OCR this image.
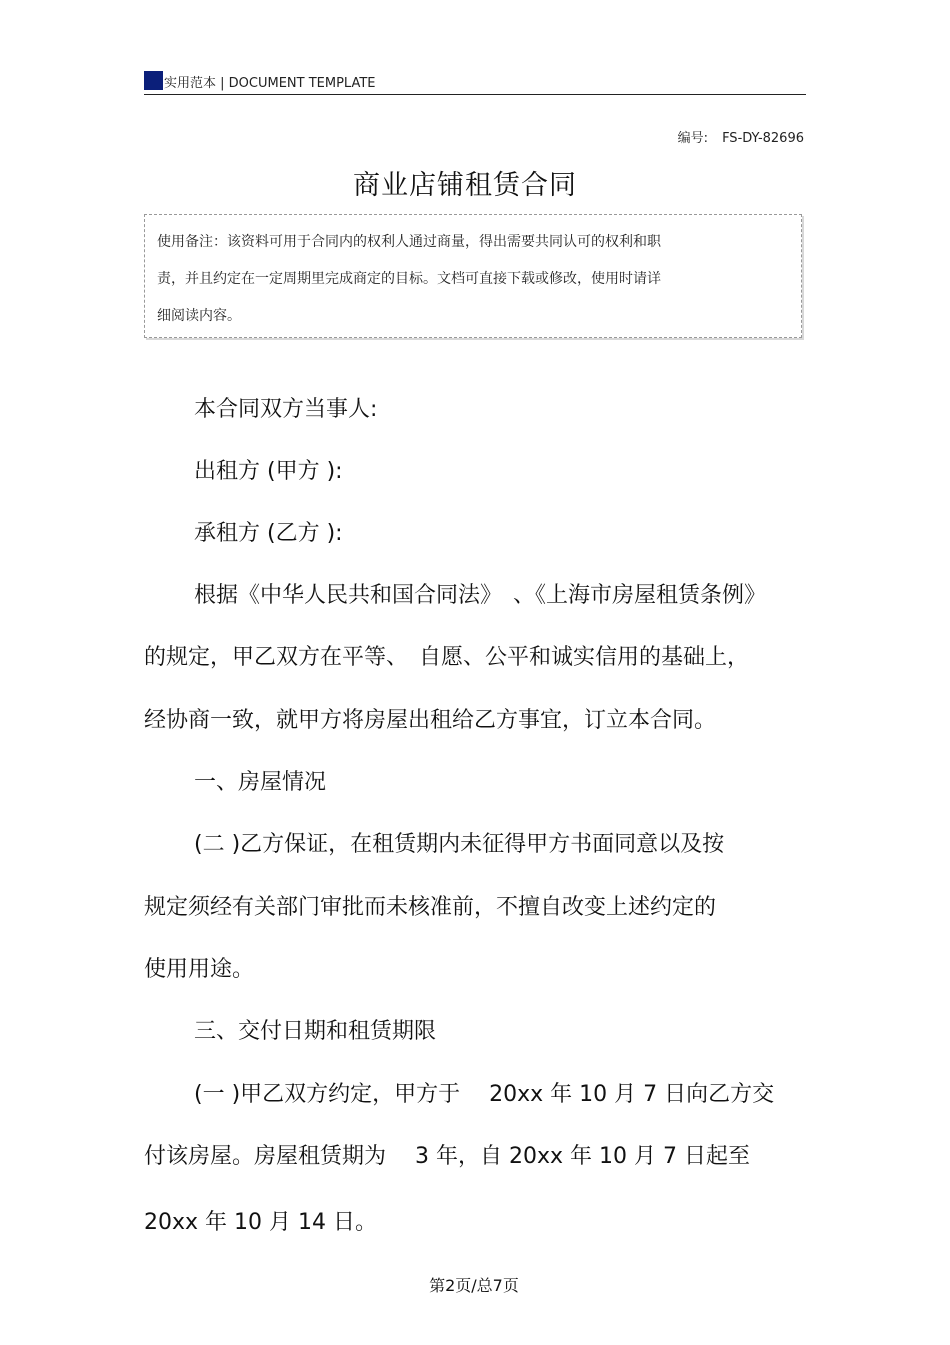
实用范本 | DOCUMENT TEMPLATE
编号: FS-DY-82696
商业店铺租赁合同
使用备注：该资料可用于合同内的权利人通过商量，得出需要共同认可的权利和职
责，并且约定在一定周期里完成商定的目标。文档可直接下载或修改，使用时请详
细阅读内容。
本合同双方当事人:
出租方 (甲方 ):
承租方 (乙方 ):
根据《中华人民共和国合同法》　、《上海市房屋租赁条例》
的规定，甲乙双方在平等、　自愿、公平和诚实信用的基础上，
经协商一致，就甲方将房屋出租给乙方事宜，订立本合同。
一、房屋情况
(二 )乙方保证，在租赁期内未征得甲方书面同意以及按
规定须经有关部门审批而未核准前，不擅自改变上述约定的
使用用途。
三、交付日期和租赁期限
(一 )甲乙双方约定，甲方于　 20xx 年 10 月 7 日向乙方交
付该房屋。房屋租赁期为　 3 年，自 20xx 年 10 月 7 日起至
20xx 年 10 月 14 日。
第2页/总7页
